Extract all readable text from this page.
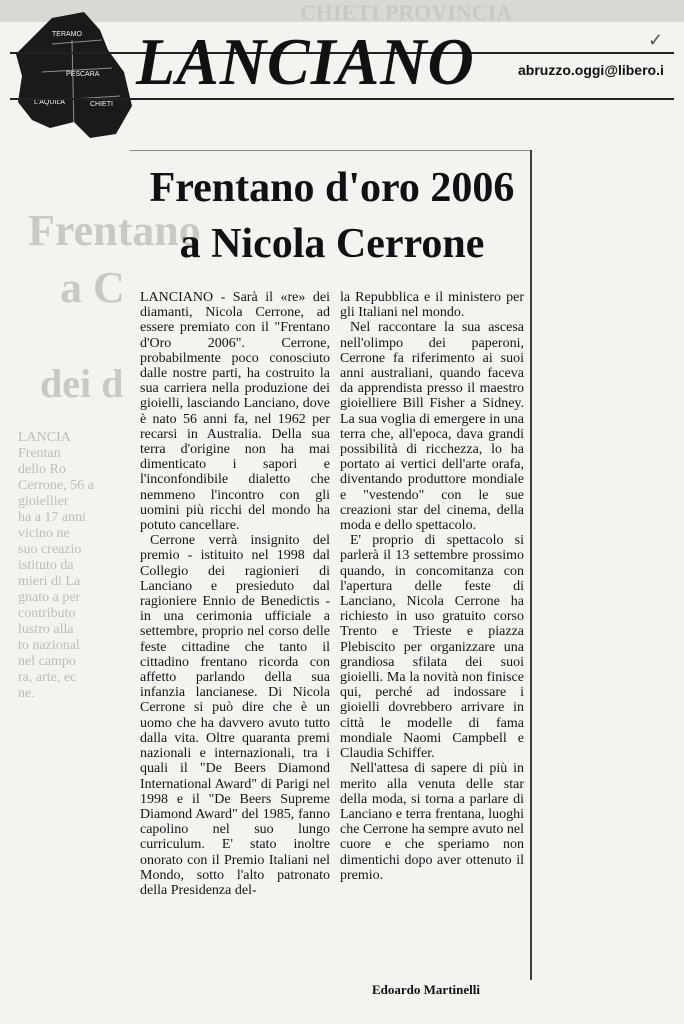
CHIETI PROVINCIA
Frentano
a C
dei d
LANCIA
Frentan
dello Ro
Cerrone, 56 a
gioiellier
ha a 17 anni
vicino ne
suo creazio
istituto da
mieri di La
gnato a per
contributo
lustro alla
to nazional
nel campo
ra, arte, ec
ne.
TERAMO
PESCARA
L'AQUILA	CHIETI
LANCIANO	abruzzo.oggi@libero.i
✓
Frentano d'oro 2006
a Nicola Cerrone

LANCIANO - Sarà il «re» dei diamanti, Nicola Cerrone, ad essere premiato con il "Frentano d'Oro 2006". Cerrone, probabilmente poco conosciuto dalle nostre parti, ha costruito la sua carriera nella produzione dei gioielli, lasciando Lanciano, dove è nato 56 anni fa, nel 1962 per recarsi in Australia. Della sua terra d'origine non ha mai dimenticato i sapori e l'inconfondibile dialetto che nemmeno l'incontro con gli uomini più ricchi del mondo ha potuto cancellare.

Cerrone verrà insignito del premio - istituito nel 1998 dal Collegio dei ragionieri di Lanciano e presieduto dal ragioniere Ennio de Benedictis - in una cerimonia ufficiale a settembre, proprio nel corso delle feste cittadine che tanto il cittadino frentano ricorda con affetto parlando della sua infanzia lancianese. Di Nicola Cerrone si può dire che è un uomo che ha davvero avuto tutto dalla vita. Oltre quaranta premi nazionali e internazionali, tra i quali il "De Beers Diamond International Award" di Parigi nel 1998 e il "De Beers Supreme Diamond Award" del 1985, fanno capolino nel suo lungo curriculum. E' stato inoltre onorato con il Premio Italiani nel Mondo, sotto l'alto patronato della Presidenza del-

la Repubblica e il ministero per gli Italiani nel mondo.

Nel raccontare la sua ascesa nell'olimpo dei paperoni, Cerrone fa riferimento ai suoi anni australiani, quando faceva da apprendista presso il maestro gioielliere Bill Fisher a Sidney. La sua voglia di emergere in una terra che, all'epoca, dava grandi possibilità di ricchezza, lo ha portato ai vertici dell'arte orafa, diventando produttore mondiale e "vestendo" con le sue creazioni star del cinema, della moda e dello spettacolo.

E' proprio di spettacolo si parlerà il 13 settembre prossimo quando, in concomitanza con l'apertura delle feste di Lanciano, Nicola Cerrone ha richiesto in uso gratuito corso Trento e Trieste e piazza Plebiscito per organizzare una grandiosa sfilata dei suoi gioielli. Ma la novità non finisce qui, perché ad indossare i gioielli dovrebbero arrivare in città le modelle di fama mondiale Naomi Campbell e Claudia Schiffer.

Nell'attesa di sapere di più in merito alla venuta delle star della moda, si torna a parlare di Lanciano e terra frentana, luoghi che Cerrone ha sempre avuto nel cuore e che speriamo non dimentichi dopo aver ottenuto il premio.

Edoardo Martinelli
